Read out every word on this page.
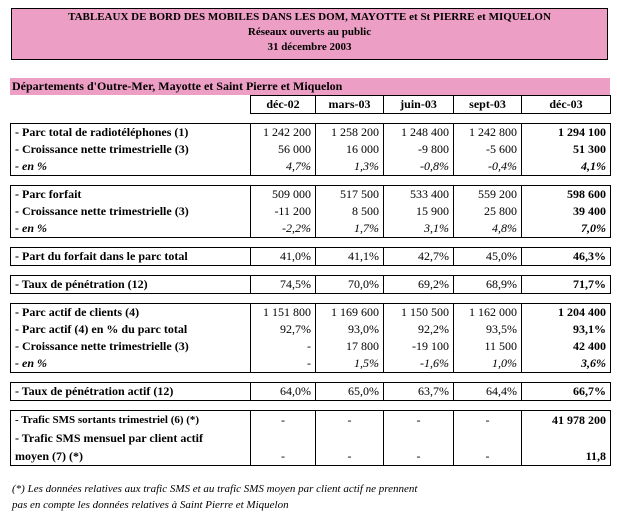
TABLEAUX DE BORD DES MOBILES DANS LES DOM, MAYOTTE et St PIERRE et MIQUELON
Réseaux ouverts au public
31 décembre 2003
Départements d'Outre-Mer, Mayotte et Saint Pierre et Miquelon
	déc-02	mars-03	juin-03	sept-03	déc-03

- Parc total de radiotéléphones (1)	1 242 200	1 258 200	1 248 400	1 242 800	1 294 100
- Croissance nette trimestrielle (3)	56 000	16 000	-9 800	-5 600	51 300
- en %	4,7%	1,3%	-0,8%	-0,4%	4,1%

- Parc forfait	509 000	517 500	533 400	559 200	598 600
- Croissance nette trimestrielle (3)	-11 200	8 500	15 900	25 800	39 400
- en %	-2,2%	1,7%	3,1%	4,8%	7,0%

- Part du forfait dans le parc total	41,0%	41,1%	42,7%	45,0%	46,3%

- Taux de pénétration (12)	74,5%	70,0%	69,2%	68,9%	71,7%

- Parc actif de clients (4)	1 151 800	1 169 600	1 150 500	1 162 000	1 204 400
- Parc actif (4) en % du parc total	92,7%	93,0%	92,2%	93,5%	93,1%
- Croissance nette trimestrielle (3)	-	17 800	-19 100	11 500	42 400
- en %	-	1,5%	-1,6%	1,0%	3,6%

- Taux de pénétration actif (12)	64,0%	65,0%	63,7%	64,4%	66,7%

- Trafic SMS sortants trimestriel (6) (*)	-	-	-	-	41 978 200
- Trafic SMS mensuel par client actif					
moyen (7) (*)	-	-	-	-	11,8
(*) Les données relatives aux trafic SMS et au trafic SMS moyen par client actif ne prennent
pas en compte les données relatives à Saint Pierre et Miquelon
